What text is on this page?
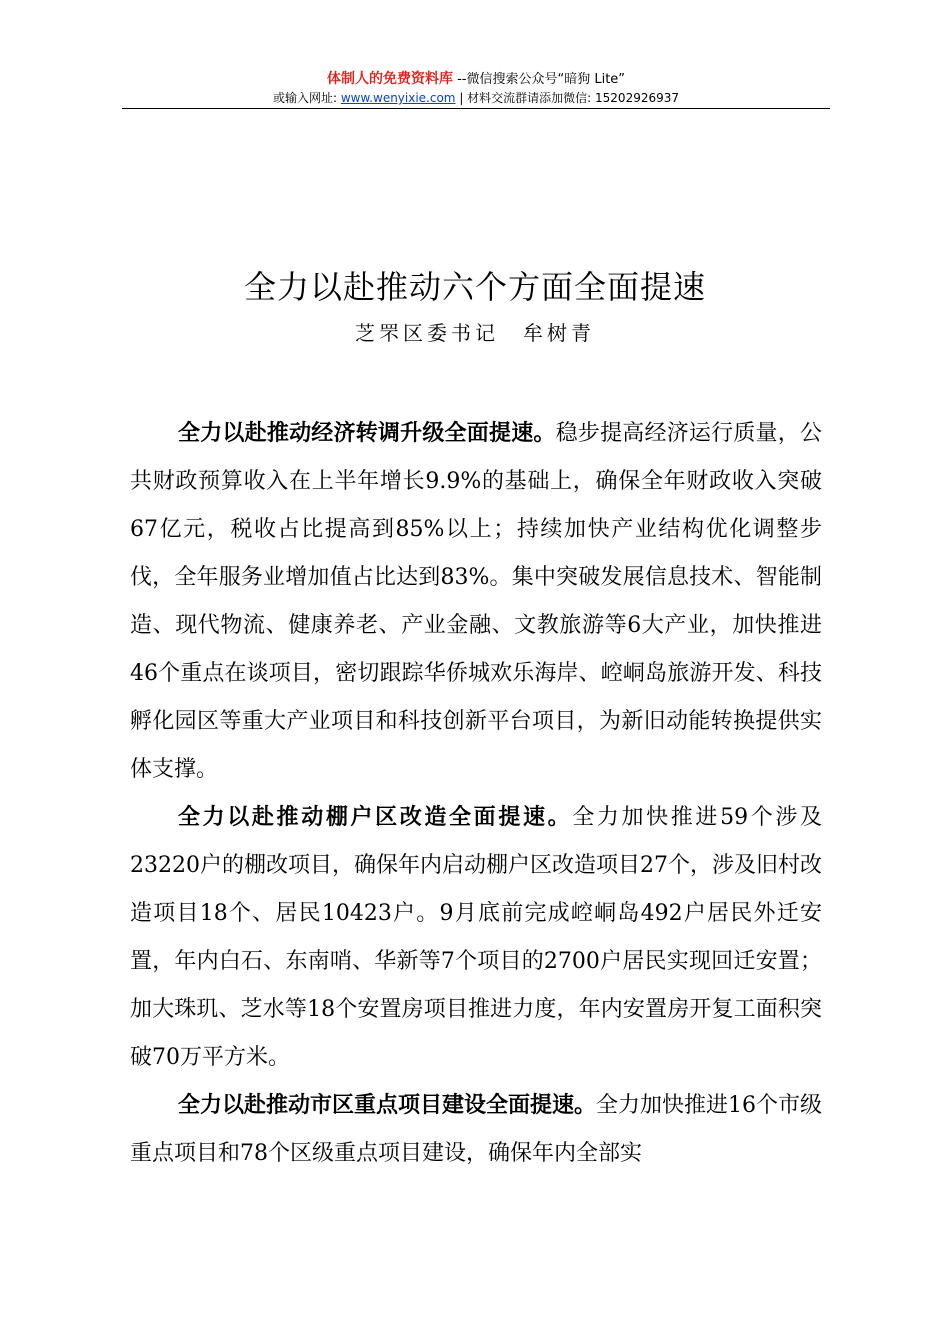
体制人的免费资料库 --微信搜索公众号“暗狗 Lite”
或输入网址: www.wenyixie.com | 材料交流群请添加微信: 15202926937
全力以赴推动六个方面全面提速
芝罘区委书记 牟树青

全力以赴推动经济转调升级全面提速。稳步提高经济运行质量，公共财政预算收入在上半年增长9.9%的基础上，确保全年财政收入突破67亿元，税收占比提高到85%以上；持续加快产业结构优化调整步伐，全年服务业增加值占比达到83%。集中突破发展信息技术、智能制造、现代物流、健康养老、产业金融、文教旅游等6大产业，加快推进46个重点在谈项目，密切跟踪华侨城欢乐海岸、崆峒岛旅游开发、科技孵化园区等重大产业项目和科技创新平台项目，为新旧动能转换提供实体支撑。

全力以赴推动棚户区改造全面提速。全力加快推进59个涉及23220户的棚改项目，确保年内启动棚户区改造项目27个，涉及旧村改造项目18个、居民10423户。9月底前完成崆峒岛492户居民外迁安置，年内白石、东南哨、华新等7个项目的2700户居民实现回迁安置；加大珠玑、芝水等18个安置房项目推进力度，年内安置房开复工面积突破70万平方米。

全力以赴推动市区重点项目建设全面提速。全力加快推进16个市级重点项目和78个区级重点项目建设，确保年内全部实
